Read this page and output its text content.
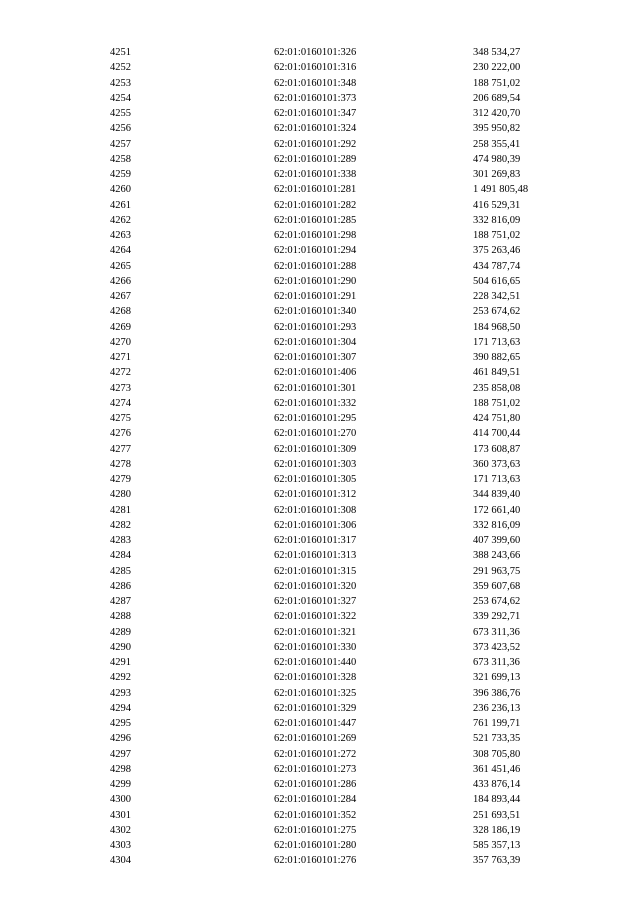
4251	62:01:0160101:326	348 534,27
4252	62:01:0160101:316	230 222,00
4253	62:01:0160101:348	188 751,02
4254	62:01:0160101:373	206 689,54
4255	62:01:0160101:347	312 420,70
4256	62:01:0160101:324	395 950,82
4257	62:01:0160101:292	258 355,41
4258	62:01:0160101:289	474 980,39
4259	62:01:0160101:338	301 269,83
4260	62:01:0160101:281	1 491 805,48
4261	62:01:0160101:282	416 529,31
4262	62:01:0160101:285	332 816,09
4263	62:01:0160101:298	188 751,02
4264	62:01:0160101:294	375 263,46
4265	62:01:0160101:288	434 787,74
4266	62:01:0160101:290	504 616,65
4267	62:01:0160101:291	228 342,51
4268	62:01:0160101:340	253 674,62
4269	62:01:0160101:293	184 968,50
4270	62:01:0160101:304	171 713,63
4271	62:01:0160101:307	390 882,65
4272	62:01:0160101:406	461 849,51
4273	62:01:0160101:301	235 858,08
4274	62:01:0160101:332	188 751,02
4275	62:01:0160101:295	424 751,80
4276	62:01:0160101:270	414 700,44
4277	62:01:0160101:309	173 608,87
4278	62:01:0160101:303	360 373,63
4279	62:01:0160101:305	171 713,63
4280	62:01:0160101:312	344 839,40
4281	62:01:0160101:308	172 661,40
4282	62:01:0160101:306	332 816,09
4283	62:01:0160101:317	407 399,60
4284	62:01:0160101:313	388 243,66
4285	62:01:0160101:315	291 963,75
4286	62:01:0160101:320	359 607,68
4287	62:01:0160101:327	253 674,62
4288	62:01:0160101:322	339 292,71
4289	62:01:0160101:321	673 311,36
4290	62:01:0160101:330	373 423,52
4291	62:01:0160101:440	673 311,36
4292	62:01:0160101:328	321 699,13
4293	62:01:0160101:325	396 386,76
4294	62:01:0160101:329	236 236,13
4295	62:01:0160101:447	761 199,71
4296	62:01:0160101:269	521 733,35
4297	62:01:0160101:272	308 705,80
4298	62:01:0160101:273	361 451,46
4299	62:01:0160101:286	433 876,14
4300	62:01:0160101:284	184 893,44
4301	62:01:0160101:352	251 693,51
4302	62:01:0160101:275	328 186,19
4303	62:01:0160101:280	585 357,13
4304	62:01:0160101:276	357 763,39
